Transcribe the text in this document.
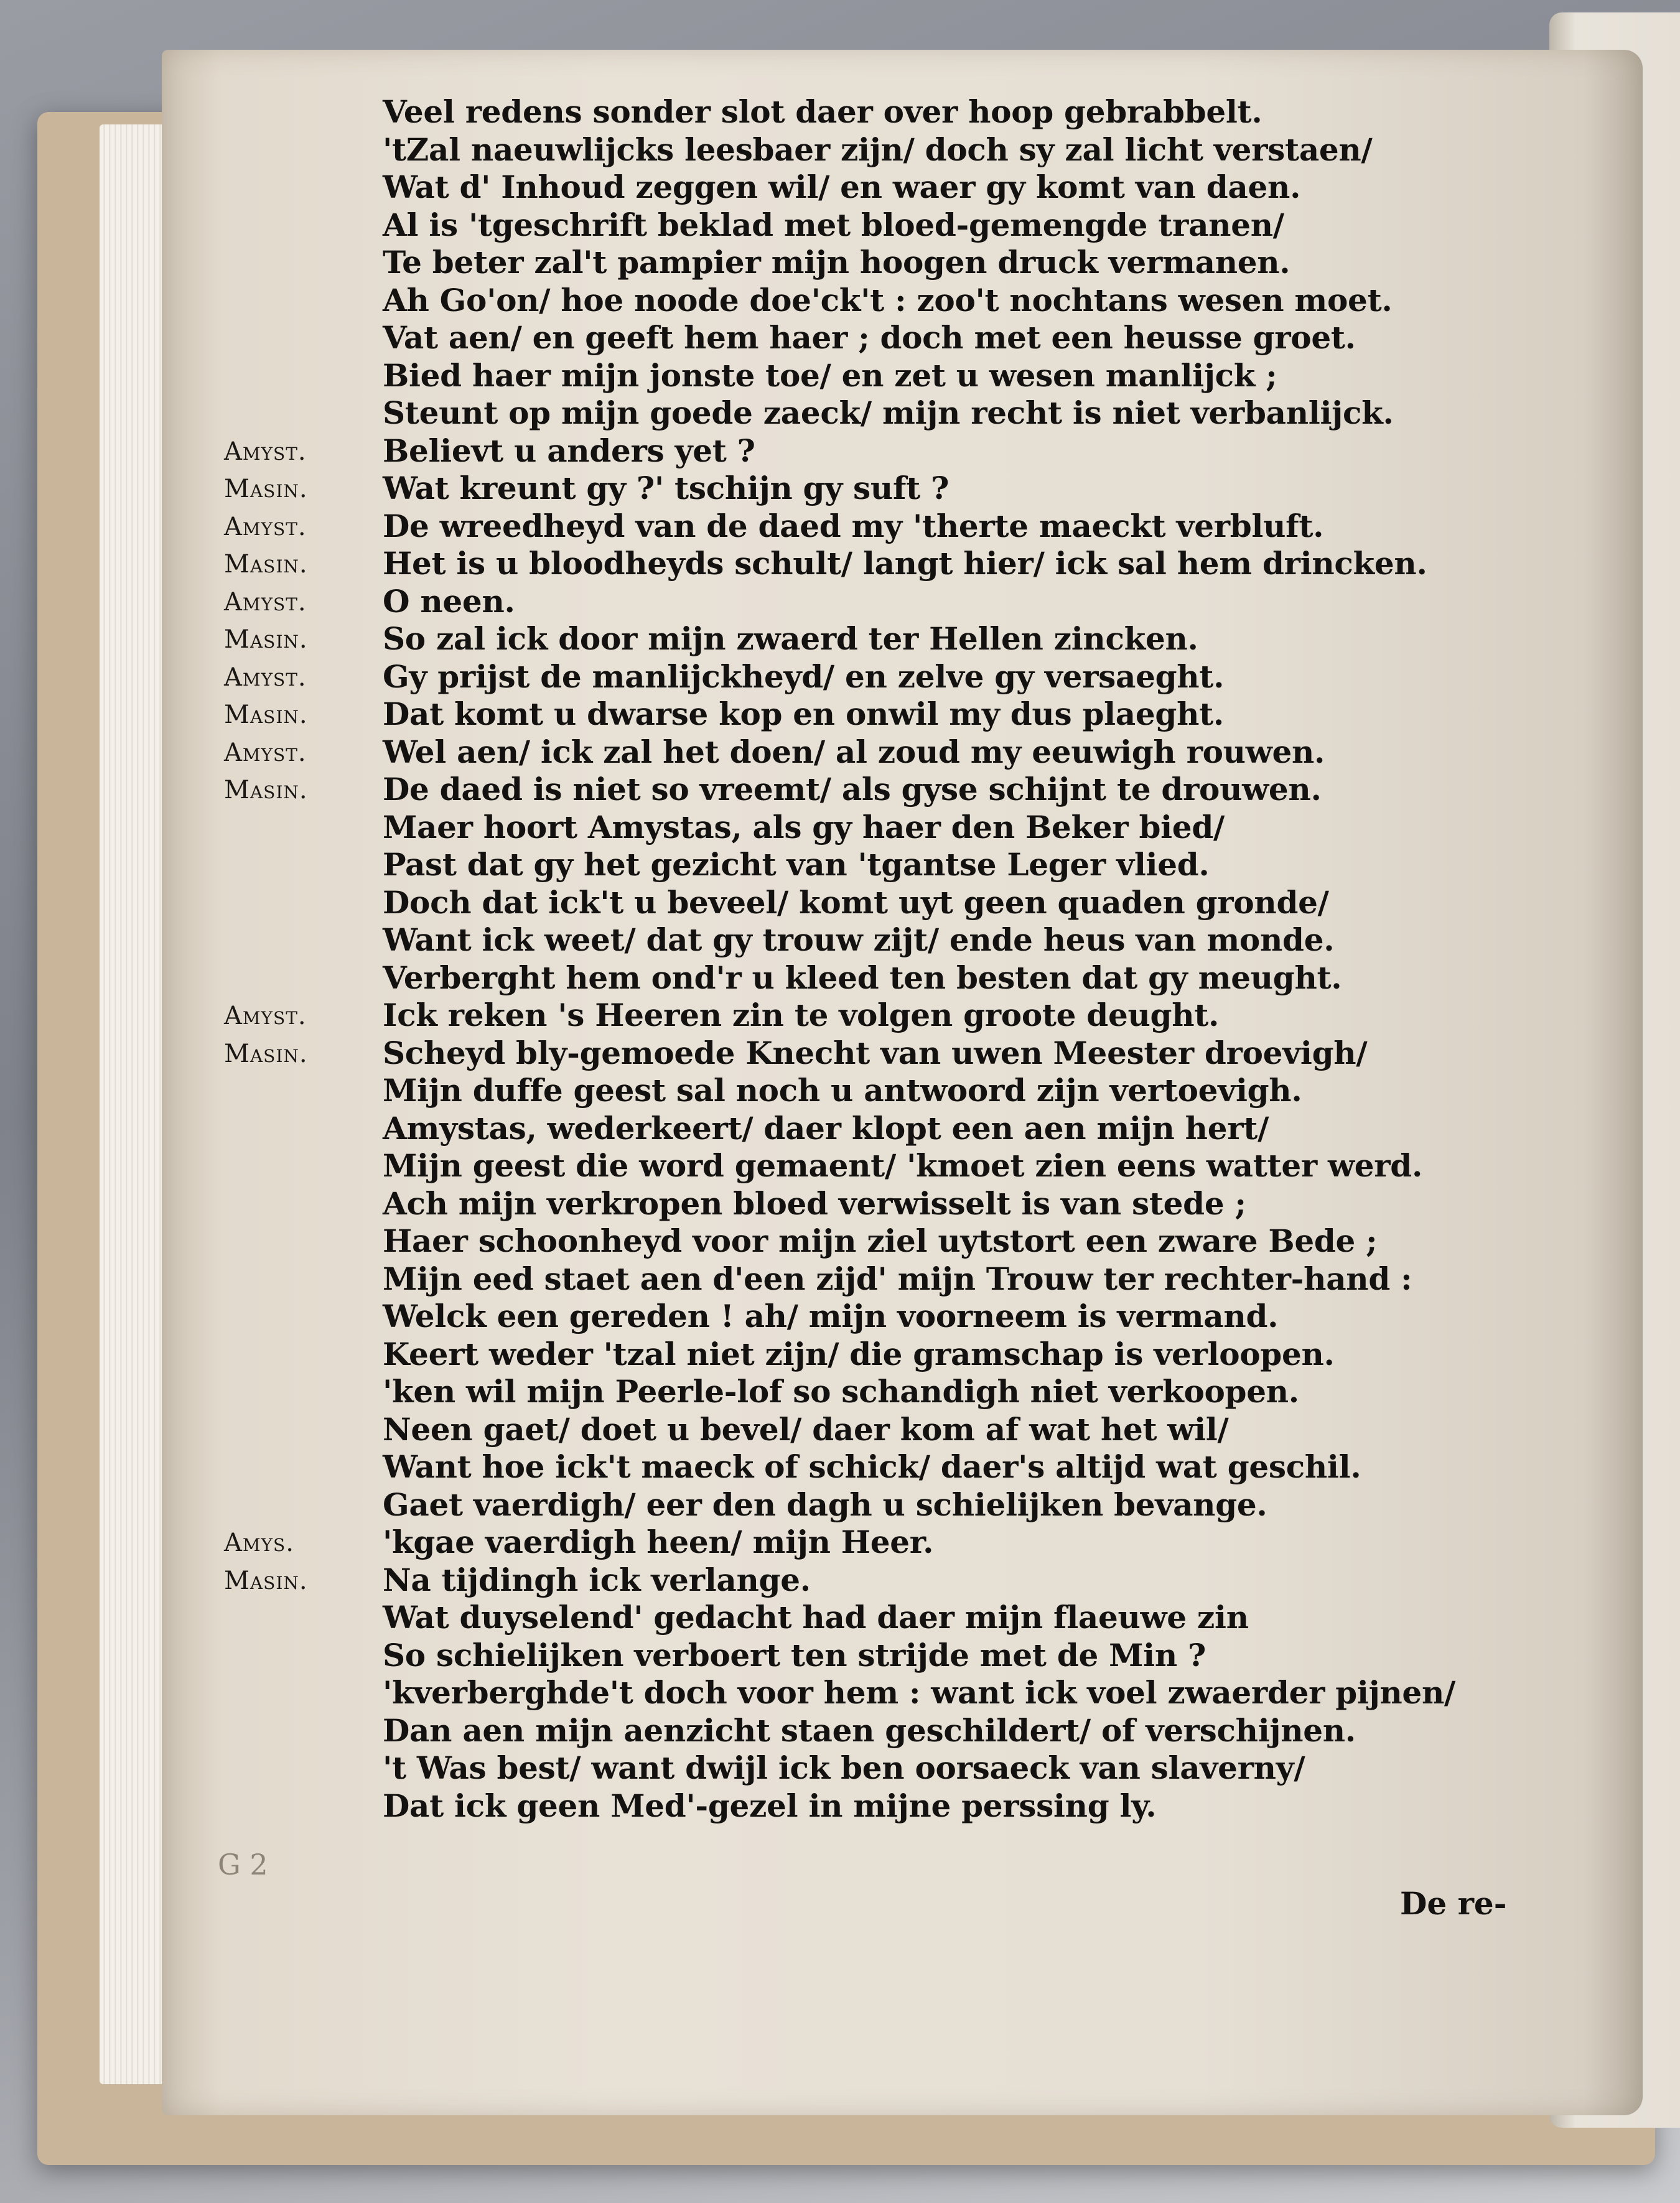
Veel redens sonder slot daer over hoop gebrabbelt.
'tZal naeuwlijcks leesbaer zijn/ doch sy zal licht verstaen/
Wat d' Inhoud zeggen wil/ en waer gy komt van daen.
Al is 'tgeschrift beklad met bloed-gemengde tranen/
Te beter zal't pampier mijn hoogen druck vermanen.
Ah Go'on/ hoe noode doe'ck't : zoo't nochtans wesen moet.
Vat aen/ en geeft hem haer ; doch met een heusse groet.
Bied haer mijn jonste toe/ en zet u wesen manlijck ;
Steunt op mijn goede zaeck/ mijn recht is niet verbanlijck.
Amyst.	Believt u anders yet ?
Masin.	Wat kreunt gy ?' tschijn gy suft ?
Amyst.	De wreedheyd van de daed my 'therte maeckt verbluft.
Masin.	Het is u bloodheyds schult/ langt hier/ ick sal hem drincken.
Amyst.	O neen.
Masin.	So zal ick door mijn zwaerd ter Hellen zincken.
Amyst.	Gy prijst de manlijckheyd/ en zelve gy versaeght.
Masin.	Dat komt u dwarse kop en onwil my dus plaeght.
Amyst.	Wel aen/ ick zal het doen/ al zoud my eeuwigh rouwen.
Masin.	De daed is niet so vreemt/ als gyse schijnt te drouwen.
Maer hoort Amystas, als gy haer den Beker bied/
Past dat gy het gezicht van 'tgantse Leger vlied.
Doch dat ick't u beveel/ komt uyt geen quaden gronde/
Want ick weet/ dat gy trouw zijt/ ende heus van monde.
Verberght hem ond'r u kleed ten besten dat gy meught.
Amyst.	Ick reken 's Heeren zin te volgen groote deught.
Masin.	Scheyd bly-gemoede Knecht van uwen Meester droevigh/
Mijn duffe geest sal noch u antwoord zijn vertoevigh.
Amystas, wederkeert/ daer klopt een aen mijn hert/
Mijn geest die word gemaent/ 'kmoet zien eens watter werd.
Ach mijn verkropen bloed verwisselt is van stede ;
Haer schoonheyd voor mijn ziel uytstort een zware Bede ;
Mijn eed staet aen d'een zijd' mijn Trouw ter rechter-hand :
Welck een gereden ! ah/ mijn voorneem is vermand.
Keert weder 'tzal niet zijn/ die gramschap is verloopen.
'ken wil mijn Peerle-lof so schandigh niet verkoopen.
Neen gaet/ doet u bevel/ daer kom af wat het wil/
Want hoe ick't maeck of schick/ daer's altijd wat geschil.
Gaet vaerdigh/ eer den dagh u schielijken bevange.
Amys.	'kgae vaerdigh heen/ mijn Heer.
Masin.	Na tijdingh ick verlange.
Wat duyselend' gedacht had daer mijn flaeuwe zin
So schielijken verboert ten strijde met de Min ?
'kverberghde't doch voor hem : want ick voel zwaerder pijnen/
Dan aen mijn aenzicht staen geschildert/ of verschijnen.
't Was best/ want dwijl ick ben oorsaeck van slaverny/
Dat ick geen Med'-gezel in mijne perssing ly.
G 2
De re-
